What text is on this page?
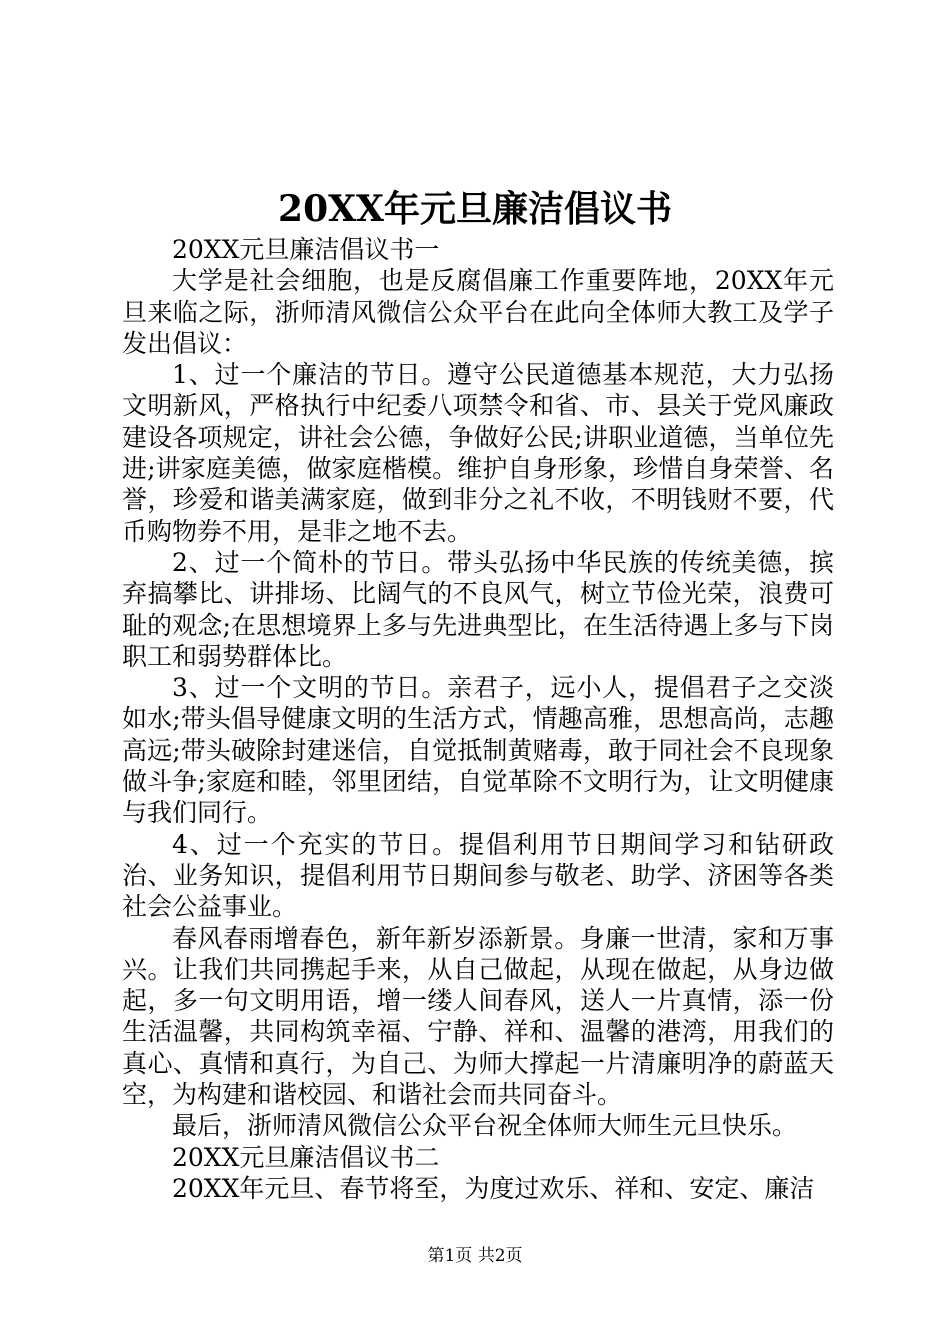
20XX年元旦廉洁倡议书

20XX元旦廉洁倡议书一

大学是社会细胞，也是反腐倡廉工作重要阵地，20XX年元旦来临之际，浙师清风微信公众平台在此向全体师大教工及学子发出倡议：

1、过一个廉洁的节日。遵守公民道德基本规范，大力弘扬文明新风，严格执行中纪委八项禁令和省、市、县关于党风廉政建设各项规定，讲社会公德，争做好公民;讲职业道德，当单位先进;讲家庭美德，做家庭楷模。维护自身形象，珍惜自身荣誉、名誉，珍爱和谐美满家庭，做到非分之礼不收，不明钱财不要，代币购物券不用，是非之地不去。

2、过一个简朴的节日。带头弘扬中华民族的传统美德，摈弃搞攀比、讲排场、比阔气的不良风气，树立节俭光荣，浪费可耻的观念;在思想境界上多与先进典型比，在生活待遇上多与下岗职工和弱势群体比。

3、过一个文明的节日。亲君子，远小人，提倡君子之交淡如水;带头倡导健康文明的生活方式，情趣高雅，思想高尚，志趣高远;带头破除封建迷信，自觉抵制黄赌毒，敢于同社会不良现象做斗争;家庭和睦，邻里团结，自觉革除不文明行为，让文明健康与我们同行。

4、过一个充实的节日。提倡利用节日期间学习和钻研政治、业务知识，提倡利用节日期间参与敬老、助学、济困等各类社会公益事业。

春风春雨增春色，新年新岁添新景。身廉一世清，家和万事兴。让我们共同携起手来，从自己做起，从现在做起，从身边做起，多一句文明用语，增一缕人间春风，送人一片真情，添一份生活温馨，共同构筑幸福、宁静、祥和、温馨的港湾，用我们的真心、真情和真行，为自己、为师大撑起一片清廉明净的蔚蓝天空，为构建和谐校园、和谐社会而共同奋斗。

最后，浙师清风微信公众平台祝全体师大师生元旦快乐。

20XX元旦廉洁倡议书二

20XX年元旦、春节将至，为度过欢乐、祥和、安定、廉洁

第1页 共2页
